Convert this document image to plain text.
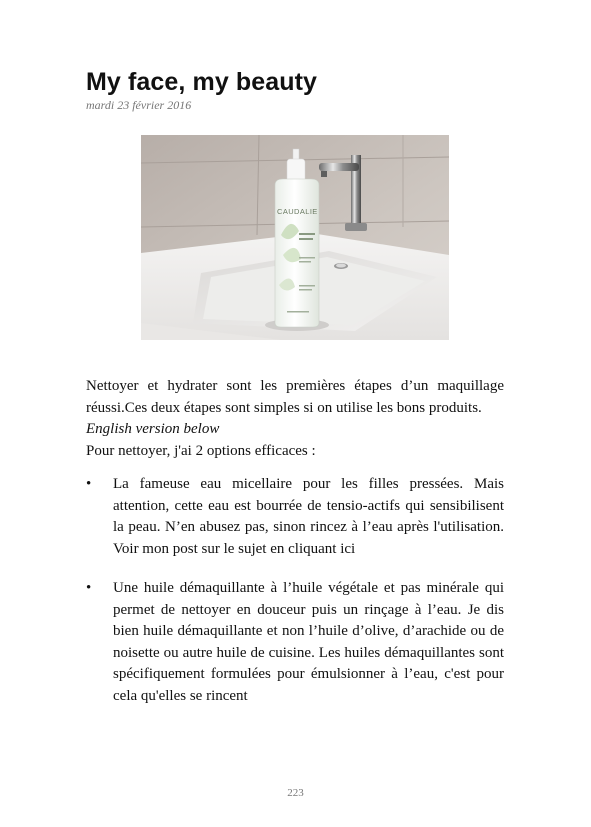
My face, my beauty
mardi 23 février 2016
CAUDALIE

Nettoyer et hydrater sont les premières étapes d’un maquillage réussi.Ces deux étapes sont simples si on utilise les bons produits.

English version below

Pour nettoyer, j'ai 2 options efficaces :

• La fameuse eau micellaire pour les filles pressées. Mais attention, cette eau est bourrée de tensio-actifs qui sensibilisent la peau. N’en abusez pas, sinon rincez à l’eau après l'utilisation. Voir mon post sur le sujet en cliquant ici
• Une huile démaquillante à l’huile végétale et pas minérale qui permet de nettoyer en douceur puis un rinçage à l’eau. Je dis bien huile démaquillante et non l’huile d’olive, d’arachide ou de noisette ou autre huile de cuisine. Les huiles démaquillantes sont spécifiquement formulées pour émulsionner à l’eau, c'est pour cela qu'elles se rincent
223
